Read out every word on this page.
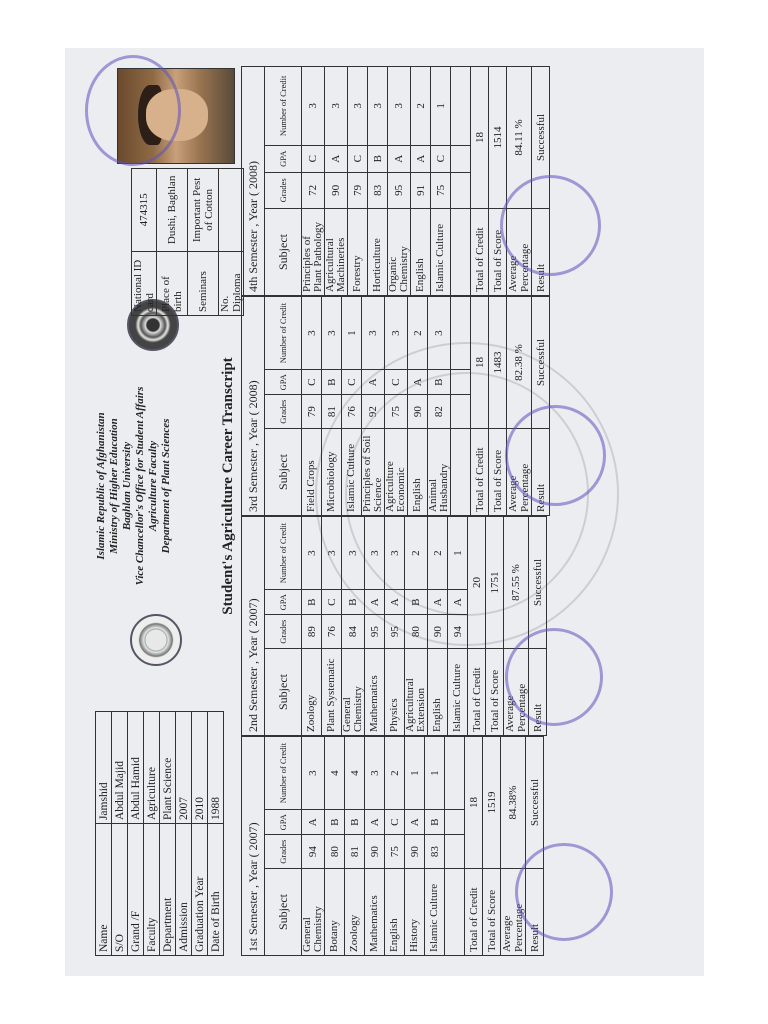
Name	Jamshid
S/O	Abdul Majid
Grand /F	Abdul Hamid
Faculty	Agriculture
Department	Plant Science
Admission	2007
Graduation Year	2010
Date of Birth	1988
Islamic Republic of Afghanistan Ministry of Higher Education Baghlan University Vice Chancellor's Office for Student Affairs Agriculture Faculty Department of Plant Sciences	Student's Agriculture Career Transcript
National ID card	474315
Place of birth	Dushi, Baghlan
Seminars	Important Pest of Cotton
No. Diploma	
1st Semester , Year ( 2007)			
Subject	Grades	GPA	Number of Credit
General Chemistry	94	A	3
Botany	80	B	4
Zoology	81	B	4
Mathematics	90	A	3
English	75	C	2
History	90	A	1
Islamic Culture	83	B	1

Total of Credit	18		
Total of Score	1519		
Average Percentage	84.38%		
Result	Successful		
2nd Semester , Year ( 2007)			
Subject	Grades	GPA	Number of Credit
Zoology	89	B	3
Plant Systematic	76	C	3
General Chemistry	84	B	3
Mathematics	95	A	3
Physics	95	A	3
Agricultural Extension	80	B	2
English	90	A	2
Islamic Culture	94	A	1
Total of Credit	20		
Total of Score	1751		
Average Percentage	87.55 %		
Result	Successful		
3rd Semester , Year ( 2008)			
Subject	Grades	GPA	Number of Credit
Field Crops	79	C	3
Microbiology	81	B	3
Islamic Culture	76	C	1
Principles of Soil Science	92	A	3
Agriculture Economic	75	C	3
English	90	A	2
Animal Husbandry	82	B	3

Total of Credit	18		
Total of Score	1483		
Average Percentage	82.38 %		
Result	Successful		
4th Semester , Year ( 2008)			
Subject	Grades	GPA	Number of Credit
Principles of Plant Pathology	72	C	3
Agricultural Machineries	90	A	3
Forestry	79	C	3
Horticulture	83	B	3
Organic Chemistry	95	A	3
English	91	A	2
Islamic Culture	75	C	1

Total of Credit	18		
Total of Score	1514		
Average Percentage	84.11 %		
Result	Successful		
